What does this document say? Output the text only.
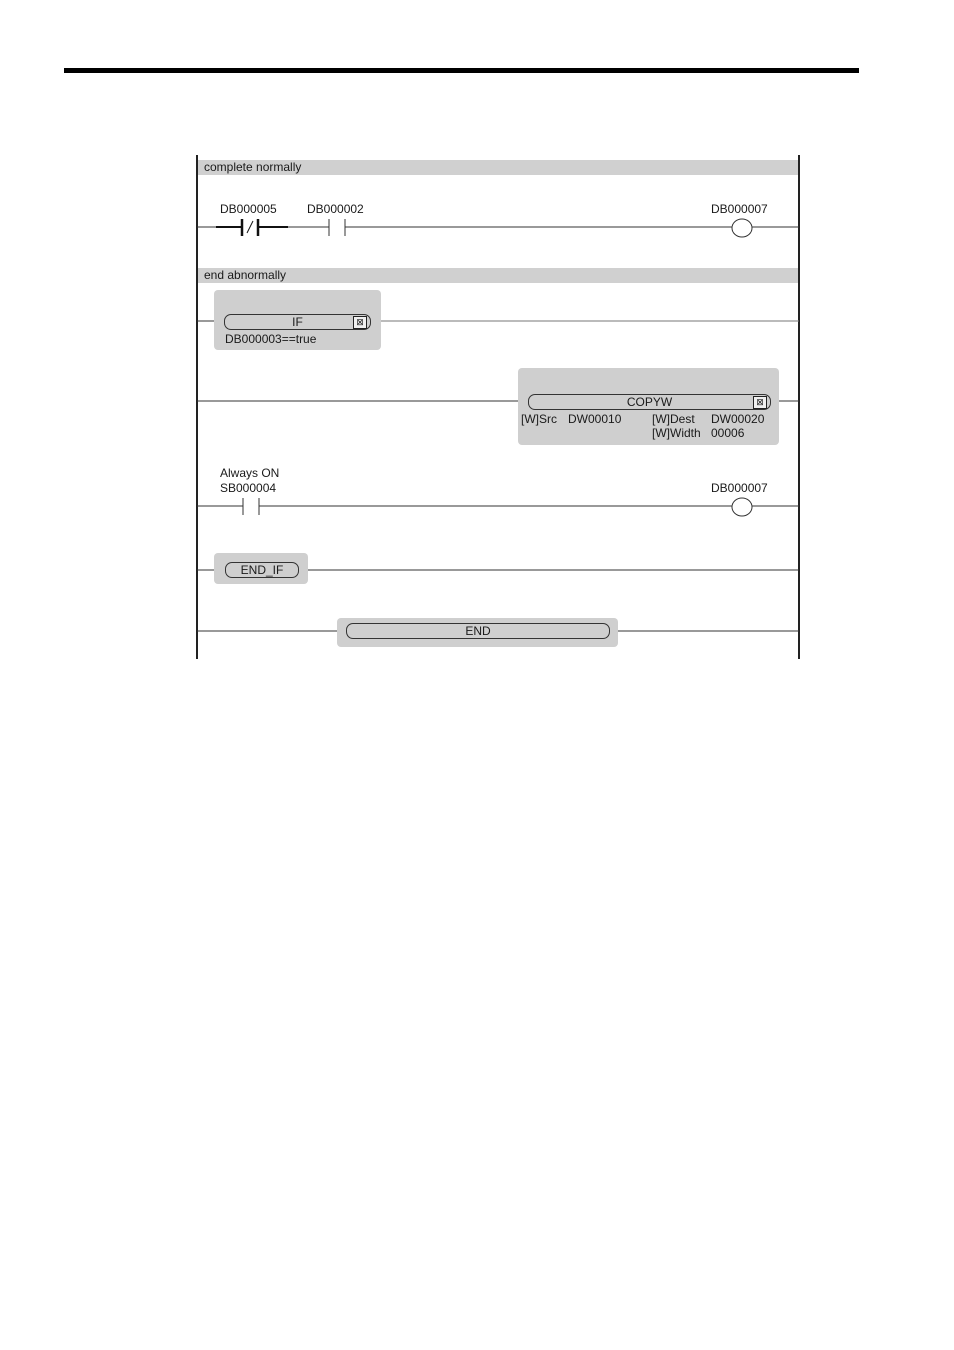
complete normally
end abnormally
DB000005	DB000002	DB000007
IF	⊠
DB000003==true
COPYW	⊠
[W]Src DW00010	[W]Dest DW00020
[W]Width 00006
Always ON
SB000004	DB000007
END_IF
END
